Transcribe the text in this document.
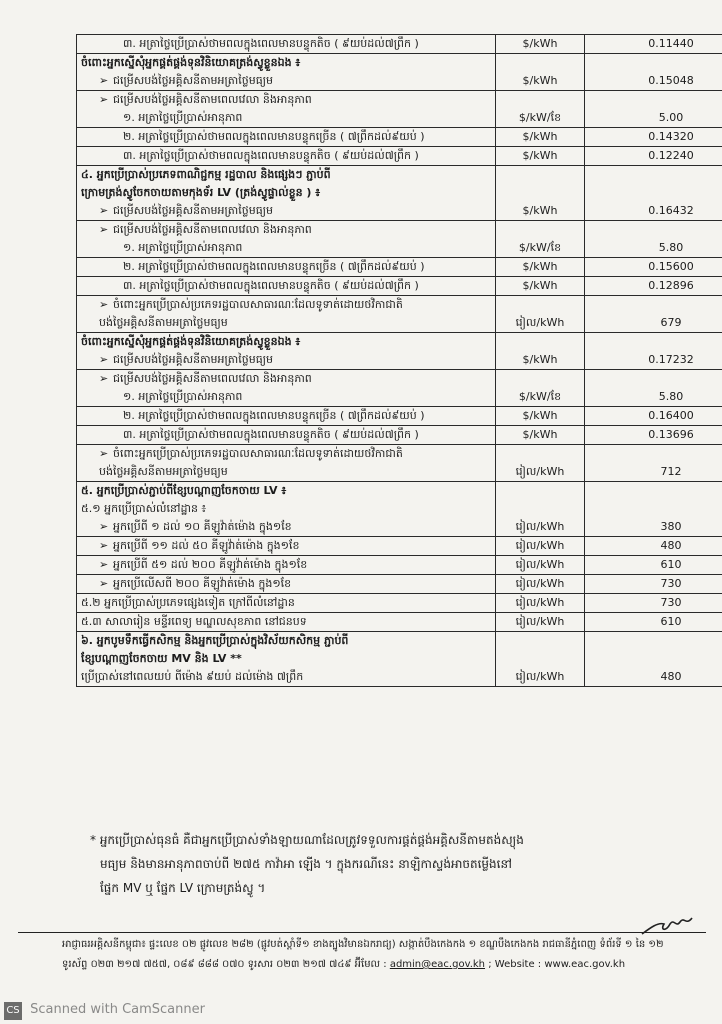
៣. អត្រាថ្លៃប្រើប្រាស់ថាមពលក្នុងពេលមានបន្ទុកតិច ( ៩យប់ដល់៧ព្រឹក )	$/kWh	0.11440

ចំពោះអ្នកស្នើសុំអ្នកផ្គត់ផ្គង់ទុនវិនិយោគត្រង់ស្វូខ្លួនឯង ៖
➢ ជម្រើសបង់ថ្លៃអគ្គិសនីតាមអត្រាថ្លៃមធ្យម	$/kWh	0.15048

➢ ជម្រើសបង់ថ្លៃអគ្គិសនីតាមពេលវេលា និងអានុភាព
១. អត្រាថ្លៃប្រើប្រាស់អានុភាព	$/kW/ខែ	5.00

២. អត្រាថ្លៃប្រើប្រាស់ថាមពលក្នុងពេលមានបន្ទុកច្រើន ( ៧ព្រឹកដល់៩យប់ )	$/kWh	0.14320

៣. អត្រាថ្លៃប្រើប្រាស់ថាមពលក្នុងពេលមានបន្ទុកតិច ( ៩យប់ដល់៧ព្រឹក )	$/kWh	0.12240

៤. អ្នកប្រើប្រាស់ប្រភេទពាណិជ្ជកម្ម រដ្ឋបាល និងផ្សេងៗ ភ្ជាប់ពី
ក្រោមត្រង់ស្វូចែកចាយតាមកុងទ័រ LV (ត្រង់ស្វូផ្ទាល់ខ្លួន ) ៖
➢ ជម្រើសបង់ថ្លៃអគ្គិសនីតាមអត្រាថ្លៃមធ្យម	$/kWh	0.16432

➢ ជម្រើសបង់ថ្លៃអគ្គិសនីតាមពេលវេលា និងអានុភាព
១. អត្រាថ្លៃប្រើប្រាស់អានុភាព	$/kW/ខែ	5.80

២. អត្រាថ្លៃប្រើប្រាស់ថាមពលក្នុងពេលមានបន្ទុកច្រើន ( ៧ព្រឹកដល់៩យប់ )	$/kWh	0.15600

៣. អត្រាថ្លៃប្រើប្រាស់ថាមពលក្នុងពេលមានបន្ទុកតិច ( ៩យប់ដល់៧ព្រឹក )	$/kWh	0.12896

➢ ចំពោះអ្នកប្រើប្រាស់ប្រភេទរដ្ឋបាលសាធារណៈដែលទូទាត់ដោយថវិកាជាតិ
បង់ថ្លៃអគ្គិសនីតាមអត្រាថ្លៃមធ្យម	រៀល/kWh	679

ចំពោះអ្នកស្នើសុំអ្នកផ្គត់ផ្គង់ទុនវិនិយោគត្រង់ស្វូខ្លួនឯង ៖
➢ ជម្រើសបង់ថ្លៃអគ្គិសនីតាមអត្រាថ្លៃមធ្យម	$/kWh	0.17232

➢ ជម្រើសបង់ថ្លៃអគ្គិសនីតាមពេលវេលា និងអានុភាព
១. អត្រាថ្លៃប្រើប្រាស់អានុភាព	$/kW/ខែ	5.80

២. អត្រាថ្លៃប្រើប្រាស់ថាមពលក្នុងពេលមានបន្ទុកច្រើន ( ៧ព្រឹកដល់៩យប់ )	$/kWh	0.16400

៣. អត្រាថ្លៃប្រើប្រាស់ថាមពលក្នុងពេលមានបន្ទុកតិច ( ៩យប់ដល់៧ព្រឹក )	$/kWh	0.13696

➢ ចំពោះអ្នកប្រើប្រាស់ប្រភេទរដ្ឋបាលសាធារណៈដែលទូទាត់ដោយថវិកាជាតិ
បង់ថ្លៃអគ្គិសនីតាមអត្រាថ្លៃមធ្យម	រៀល/kWh	712

៥. អ្នកប្រើប្រាស់ភ្ជាប់ពីខ្សែបណ្តាញចែកចាយ LV ៖
៥.១ អ្នកប្រើប្រាស់លំនៅដ្ឋាន ៖
➢ អ្នកប្រើពី ១ ដល់ ១០ គីឡូវ៉ាត់ម៉ោង ក្នុង១ខែ	រៀល/kWh	380

➢ អ្នកប្រើពី ១១ ដល់ ៥០ គីឡូវ៉ាត់ម៉ោង ក្នុង១ខែ	រៀល/kWh	480

➢ អ្នកប្រើពី ៥១ ដល់ ២០០ គីឡូវ៉ាត់ម៉ោង ក្នុង១ខែ	រៀល/kWh	610

➢ អ្នកប្រើលើសពី ២០០ គីឡូវ៉ាត់ម៉ោង ក្នុង១ខែ	រៀល/kWh	730

៥.២ អ្នកប្រើប្រាស់ប្រភេទផ្សេងទៀត ក្រៅពីលំនៅដ្ឋាន	រៀល/kWh	730

៥.៣ សាលារៀន មន្ទីរពេទ្យ មណ្ឌលសុខភាព នៅជនបទ	រៀល/kWh	610

៦. អ្នកបូមទឹកធ្វើកសិកម្ម និងអ្នកប្រើប្រាស់ក្នុងវិស័យកសិកម្ម ភ្ជាប់ពី
ខ្សែបណ្តាញចែកចាយ MV និង LV **
ប្រើប្រាស់នៅពេលយប់ ពីម៉ោង ៩យប់ ដល់ម៉ោង ៧ព្រឹក	រៀល/kWh	480
* អ្នកប្រើប្រាស់ធុនធំ គឺជាអ្នកប្រើប្រាស់ទាំងឡាយណាដែលត្រូវទទួលការផ្គត់ផ្គង់អគ្គិសនីតាមតង់ស្យុង
មធ្យម និងមានអានុភាពចាប់ពី ២៧៥ កាវ៉ាអា ឡើង ។ ក្នុងករណីនេះ នាឡិកាស្ទង់អាចតម្លើងនៅ
ផ្នែក MV ឬ ផ្នែក LV ក្រោមត្រង់ស្វូ ។
អាជ្ញាធរអគ្គិសនីកម្ពុជា៖ ផ្ទះលេខ ០២ ផ្លូវលេខ ២៨២ (ផ្លូវបត់ស្តាំទី១ ខាងត្បូងវិមានឯករាជ្យ) សង្កាត់បឹងកេងកង ១ ខណ្ឌបឹងកេងកង រាជធានីភ្នំពេញ ទំព័រទី ១ នៃ ១២
ទូរស័ព្ទ ០២៣ ២១៧ ៧៥៧, ០៨៩ ៨៨៨ ០៧០ ទូរសារ ០២៣ ២១៧ ៧៤៩ អ៊ីមែល : admin@eac.gov.kh ; Website : www.eac.gov.kh
CS Scanned with CamScanner
